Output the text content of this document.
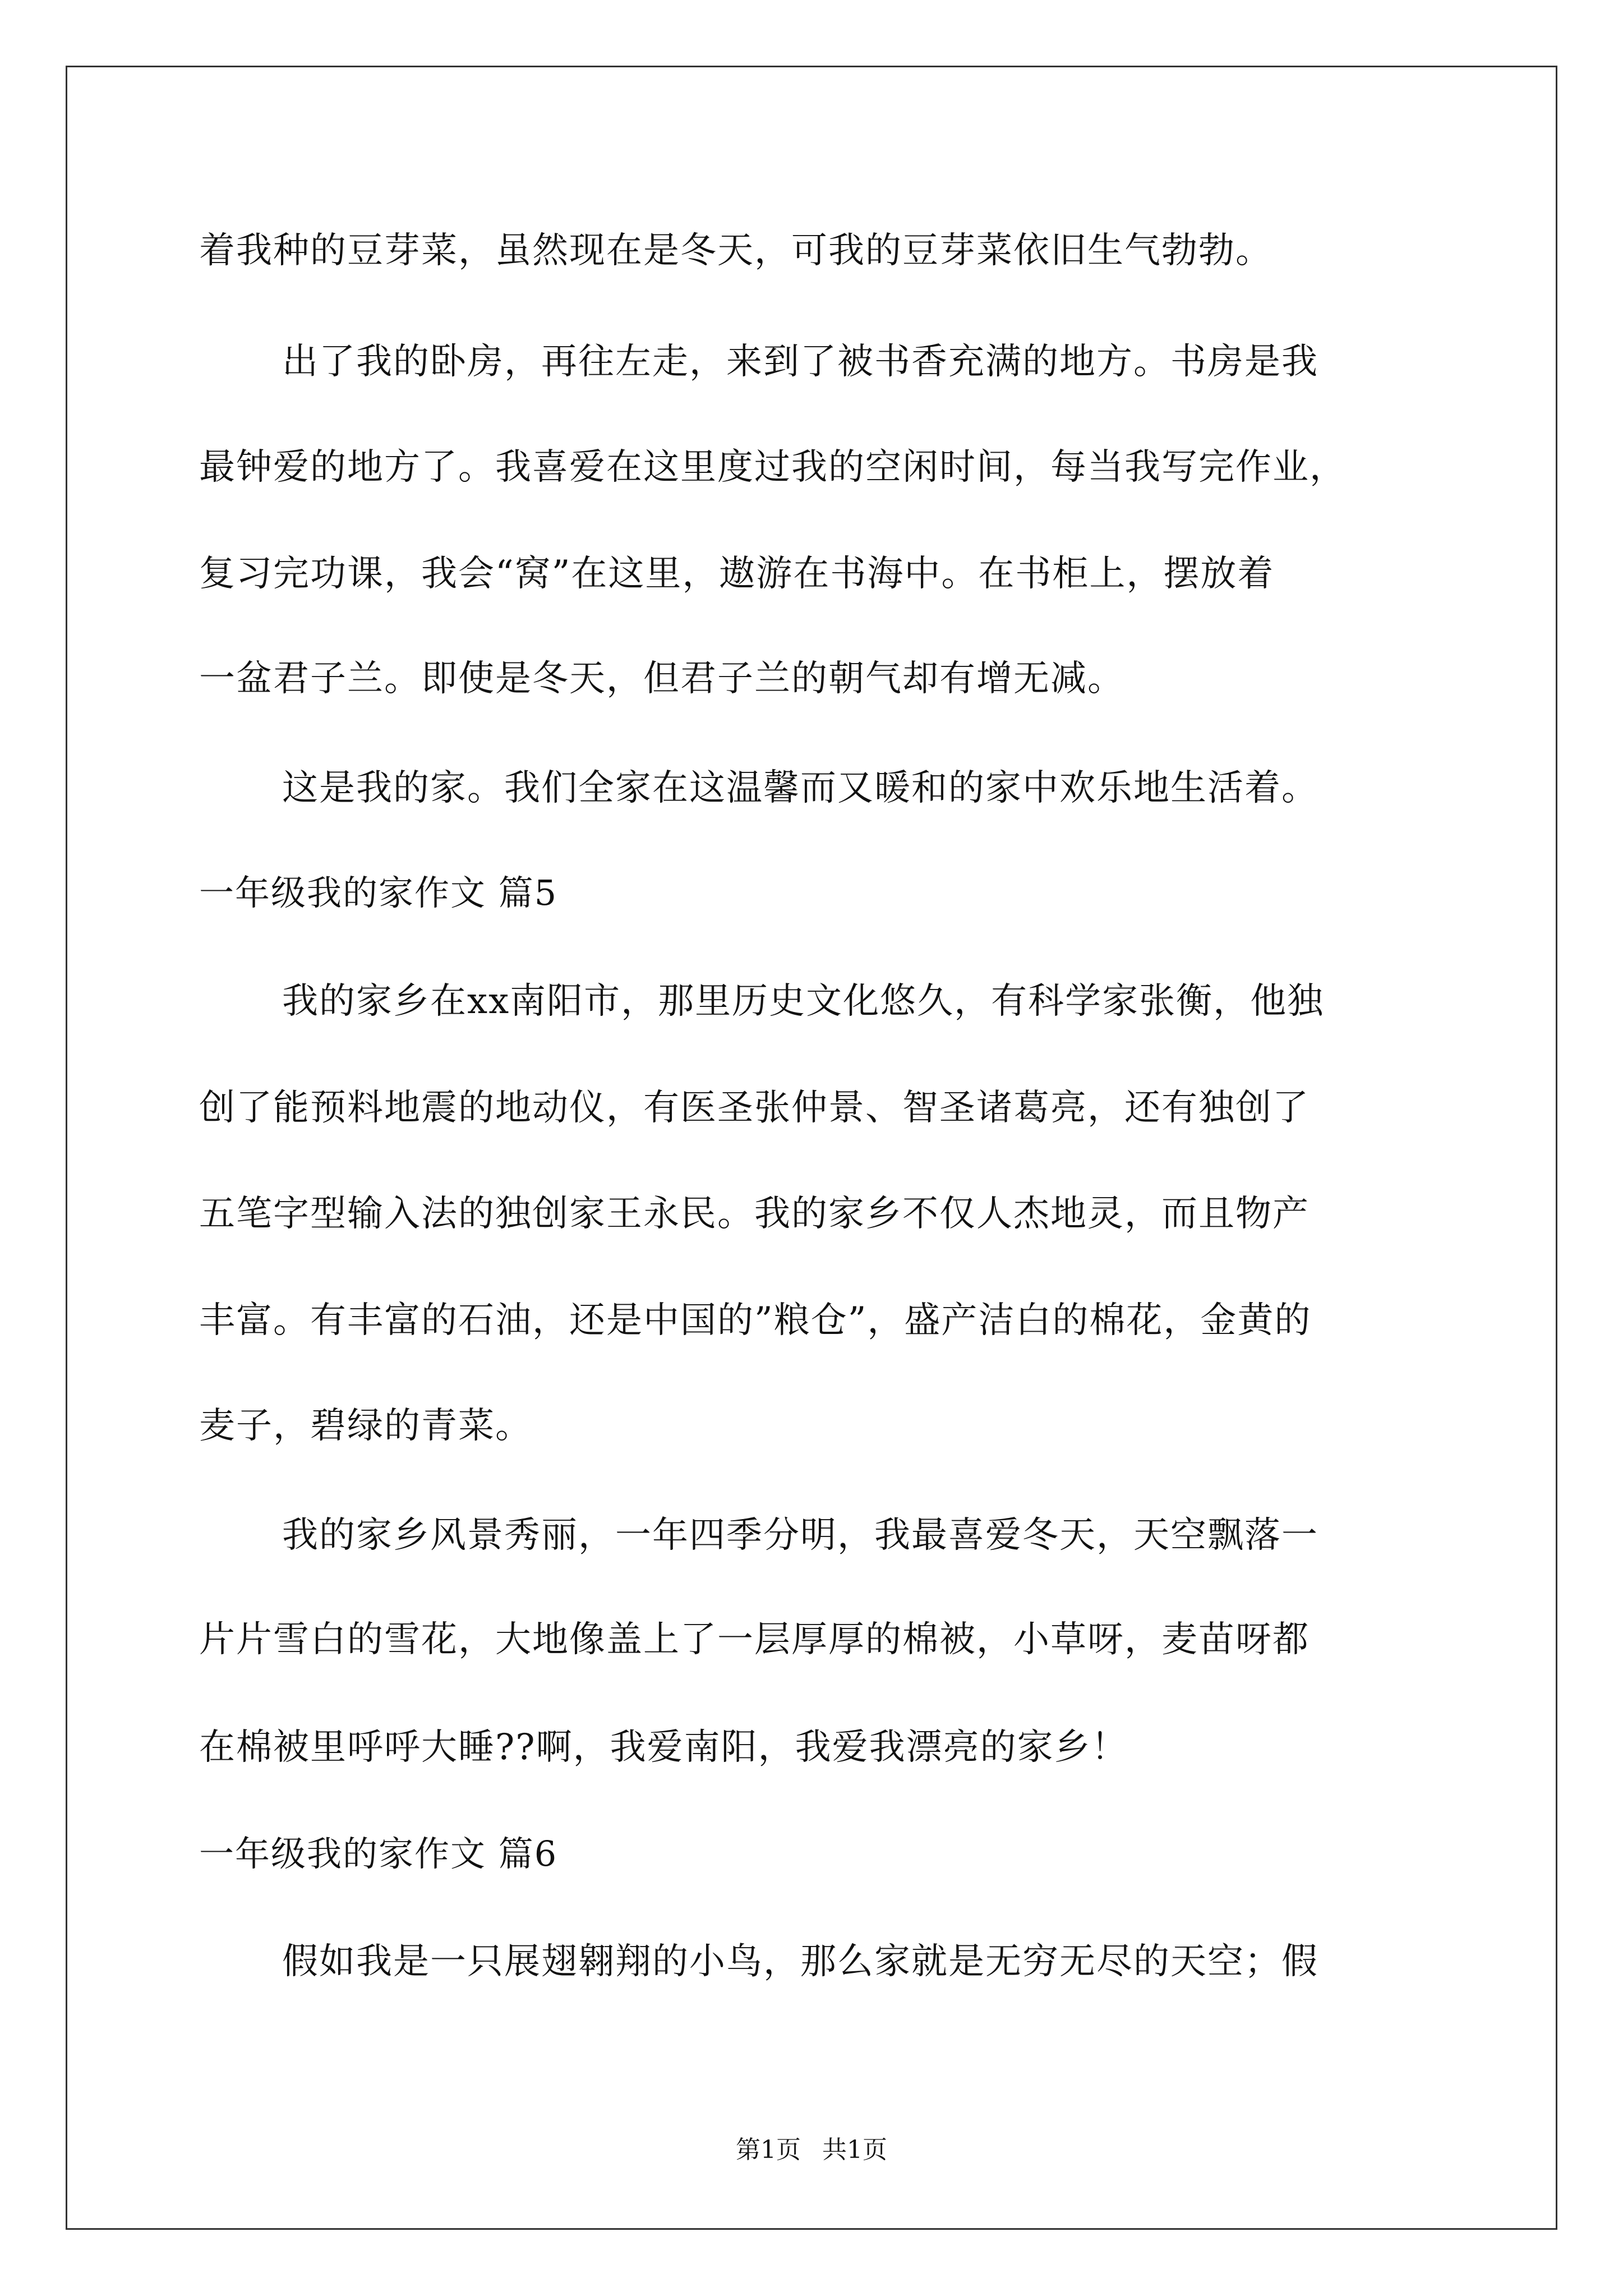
着我种的豆芽菜，虽然现在是冬天，可我的豆芽菜依旧生气勃勃。
出了我的卧房，再往左走，来到了被书香充满的地方。书房是我
最钟爱的地方了。我喜爱在这里度过我的空闲时间，每当我写完作业，
复习完功课，我会“窝”在这里，遨游在书海中。在书柜上，摆放着
一盆君子兰。即使是冬天，但君子兰的朝气却有增无减。
这是我的家。我们全家在这温馨而又暖和的家中欢乐地生活着。
一年级我的家作文 篇5
我的家乡在xx南阳市，那里历史文化悠久，有科学家张衡，他独
创了能预料地震的地动仪，有医圣张仲景、智圣诸葛亮，还有独创了
五笔字型输入法的独创家王永民。我的家乡不仅人杰地灵，而且物产
丰富。有丰富的石油，还是中国的”粮仓”，盛产洁白的棉花，金黄的
麦子，碧绿的青菜。
我的家乡风景秀丽，一年四季分明，我最喜爱冬天，天空飘落一
片片雪白的雪花，大地像盖上了一层厚厚的棉被，小草呀，麦苗呀都
在棉被里呼呼大睡??啊，我爱南阳，我爱我漂亮的家乡！
一年级我的家作文 篇6
假如我是一只展翅翱翔的小鸟，那么家就是无穷无尽的天空；假
第1页 共1页
